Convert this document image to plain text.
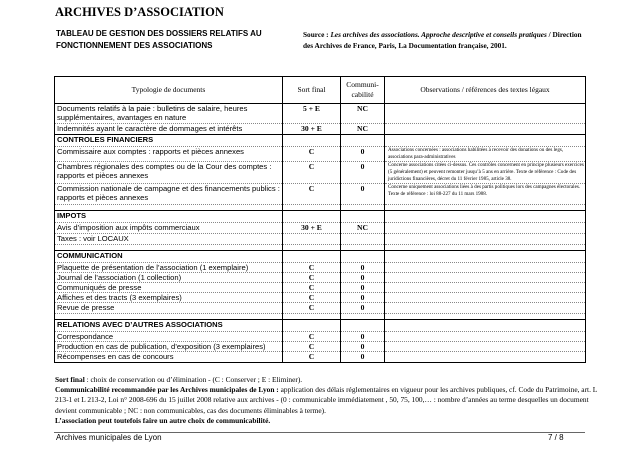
ARCHIVES D’ASSOCIATION
TABLEAU DE GESTION DES DOSSIERS RELATIFS AU FONCTIONNEMENT DES ASSOCIATIONS
Source : Les archives des associations. Approche descriptive et conseils pratiques / Direction des Archives de France, Paris, La Documentation française, 2001.
Typologie de documents	Sort final	Communi-cabilité	Observations / références des textes légaux
Documents relatifs à la paie : bulletins de salaire, heures supplémentaires, avantages en nature	5 + E	NC	
Indemnités ayant le caractère de dommages et intérêts	30 + E	NC	
CONTROLES FINANCIERS			
Commissaire aux comptes : rapports et pièces annexes	C	0	Associations concernées : associations habilitées à recevoir des donations ou des legs, associations para-administratives
Chambres régionales des comptes ou de la Cour des comptes : rapports et pièces annexes	C	0	Concerne associations citées ci-dessus. Ces contrôles concernent en principe plusieurs exercices (5 généralement) et peuvent remonter jusqu’à 5 ans en arrière. Texte de référence : Code des juridictions financières, décret du 11 février 1985, article 38.
Commission nationale de campagne et des financements publics : rapports et pièces annexes	C	0	Concerne uniquement associations liées à des partis politiques lors des campagnes électorales. Texte de référence : loi 88-227 du 11 mars 1988.

IMPOTS			
Avis d’imposition aux impôts commerciaux	30 + E	NC	
Taxes : voir LOCAUX			

COMMUNICATION			
Plaquette de présentation de l’association (1 exemplaire)	C	0	
Journal de l’association (1 collection)	C	0	
Communiqués de presse	C	0	
Affiches et des tracts (3 exemplaires)	C	0	
Revue de presse	C	0	

RELATIONS AVEC D’AUTRES ASSOCIATIONS			
Correspondance	C	0	
Production en cas de publication, d’exposition (3 exemplaires)	C	0	
Récompenses en cas de concours	C	0	

Sort final : choix de conservation ou d’élimination - (C : Conserver ; E : Eliminer).

Communicabilité recommandée par les Archives municipales de Lyon : application des délais réglementaires en vigueur pour les archives publiques, cf. Code du Patrimoine, art. L 213-1 et L 213-2, Loi n° 2008-696 du 15 juillet 2008 relative aux archives - (0 : communicable immédiatement , 50, 75, 100,… : nombre d’années au terme desquelles un document devient communicable ; NC : non communicables, cas des documents éliminables à terme).

L’association peut toutefois faire un autre choix de communicabilité.

Archives municipales de Lyon	7 / 8
